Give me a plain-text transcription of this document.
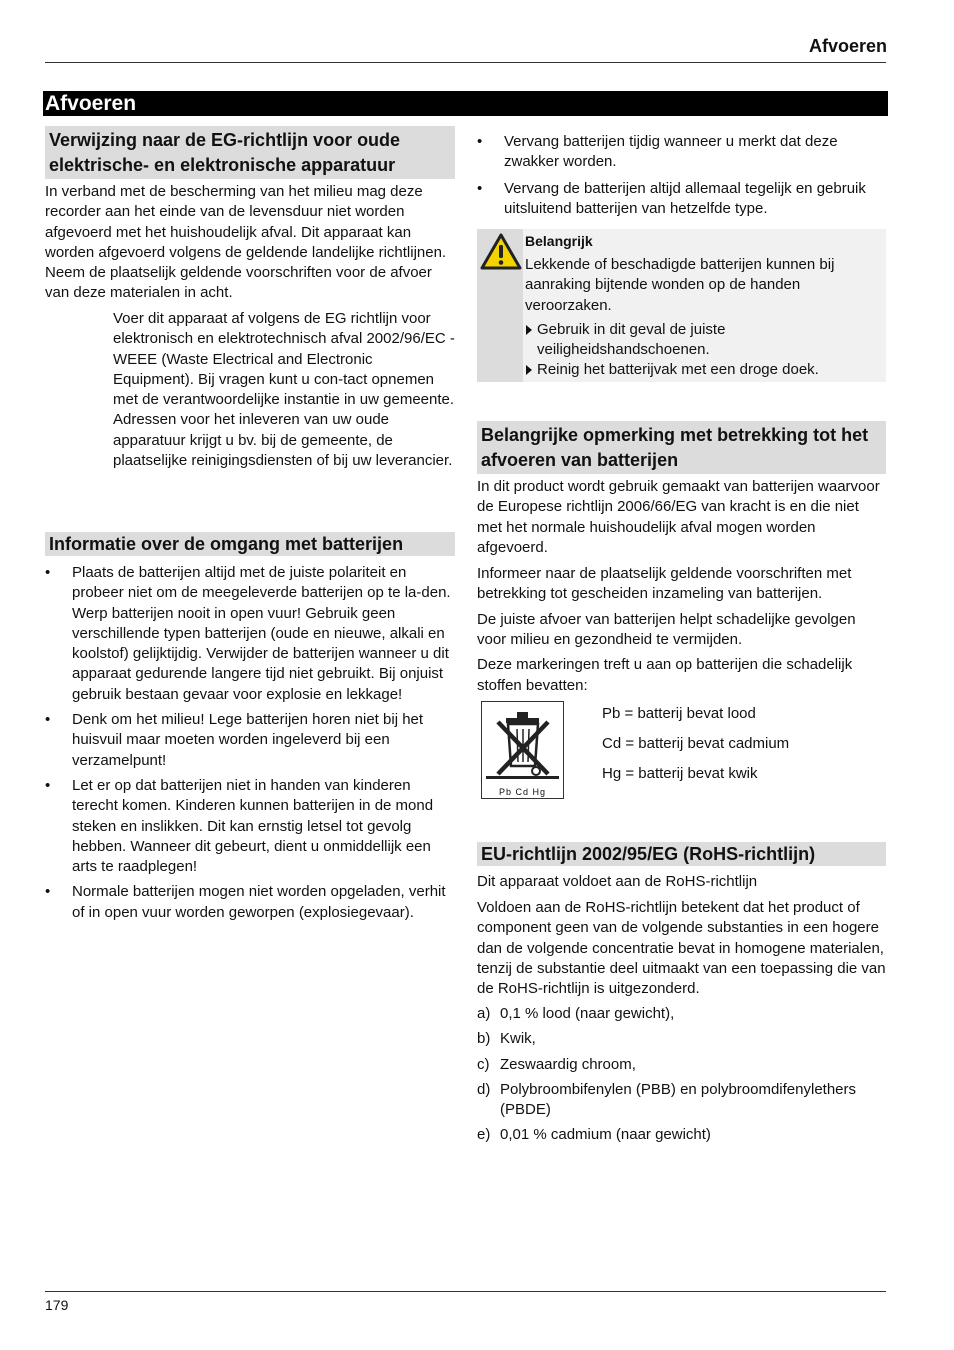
Afvoeren
Afvoeren
Verwijzing naar de EG-richtlijn voor oude elektrische- en elektronische apparatuur

In verband met de bescherming van het milieu mag deze recorder aan het einde van de levensduur niet worden afgevoerd met het huishoudelijk afval. Dit apparaat kan worden afgevoerd volgens de geldende landelijke richtlijnen. Neem de plaatselijk geldende voorschriften voor de afvoer van deze materialen in acht.

Voer dit apparaat af volgens de EG richtlijn voor elektronisch en elektrotechnisch afval 2002/96/EC - WEEE (Waste Electrical and Electronic Equipment). Bij vragen kunt u con-tact opnemen met de verantwoordelijke instantie in uw gemeente. Adressen voor het inleveren van uw oude apparatuur krijgt u bv. bij de gemeente, de plaatselijke reinigingsdiensten of bij uw leverancier.

Informatie over de omgang met batterijen
• Plaats de batterijen altijd met de juiste polariteit en probeer niet om de meegeleverde batterijen op te la-den. Werp batterijen nooit in open vuur! Gebruik geen verschillende typen batterijen (oude en nieuwe, alkali en koolstof) gelijktijdig. Verwijder de batterijen wanneer u dit apparaat gedurende langere tijd niet gebruikt. Bij onjuist gebruik bestaan gevaar voor explosie en lekkage!
• Denk om het milieu! Lege batterijen horen niet bij het huisvuil maar moeten worden ingeleverd bij een verzamelpunt!
• Let er op dat batterijen niet in handen van kinderen terecht komen. Kinderen kunnen batterijen in de mond steken en inslikken. Dit kan ernstig letsel tot gevolg hebben. Wanneer dit gebeurt, dient u onmiddellijk een arts te raadplegen!
• Normale batterijen mogen niet worden opgeladen, verhit of in open vuur worden geworpen (explosiegevaar).
• Vervang batterijen tijdig wanneer u merkt dat deze zwakker worden.
• Vervang de batterijen altijd allemaal tegelijk en gebruik uitsluitend batterijen van hetzelfde type.
Belangrijk

Lekkende of beschadigde batterijen kunnen bij aanraking bijtende wonden op de handen veroorzaken.

Gebruik in dit geval de juiste veiligheidshandschoenen.
Reinig het batterijvak met een droge doek.
Belangrijke opmerking met betrekking tot het afvoeren van batterijen

In dit product wordt gebruik gemaakt van batterijen waarvoor de Europese richtlijn 2006/66/EG van kracht is en die niet met het normale huishoudelijk afval mogen worden afgevoerd.

Informeer naar de plaatselijk geldende voorschriften met betrekking tot gescheiden inzameling van batterijen.

De juiste afvoer van batterijen helpt schadelijke gevolgen voor milieu en gezondheid te vermijden.

Deze markeringen treft u aan op batterijen die schadelijk stoffen bevatten:

Pb Cd Hg
Pb = batterij bevat lood
Cd = batterij bevat cadmium
Hg = batterij bevat kwik
EU-richtlijn 2002/95/EG (RoHS-richtlijn)

Dit apparaat voldoet aan de RoHS-richtlijn

Voldoen aan de RoHS-richtlijn betekent dat het product of component geen van de volgende substanties in een hogere dan de volgende concentratie bevat in homogene materialen, tenzij de substantie deel uitmaakt van een toepassing die van de RoHS-richtlijn is uitgezonderd.

a) 0,1 % lood (naar gewicht),
b) Kwik,
c) Zeswaardig chroom,
d) Polybroombifenylen (PBB) en polybroomdifenylethers (PBDE)
e) 0,01 % cadmium (naar gewicht)
179
